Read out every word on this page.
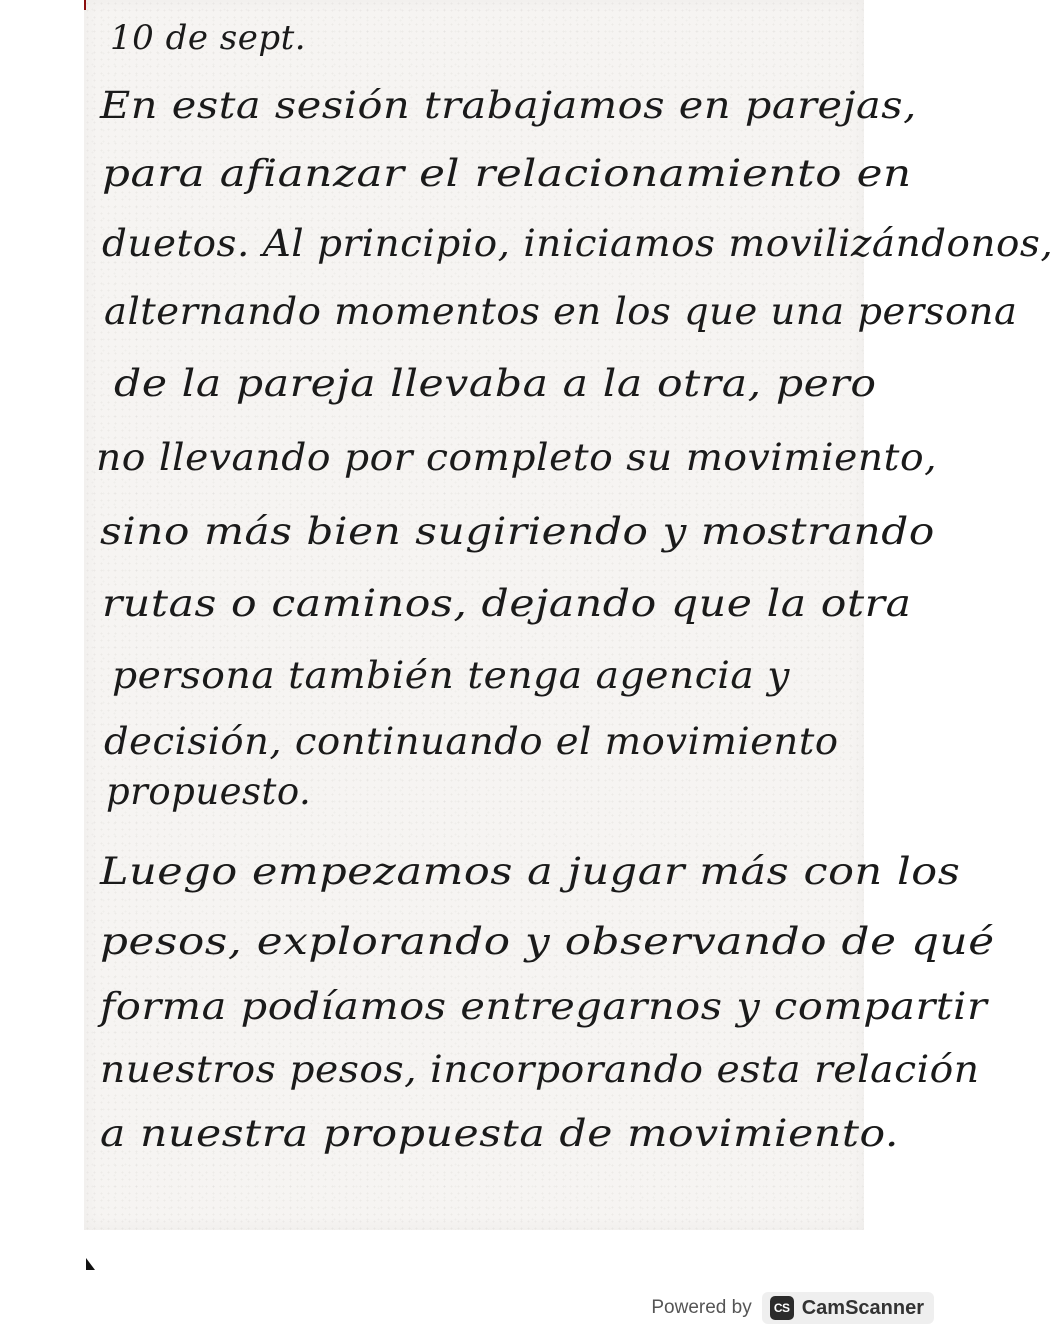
10 de sept.
En esta sesión trabajamos en parejas,
para afianzar el relacionamiento en
duetos. Al principio, iniciamos movilizándonos,
alternando momentos en los que una persona
de la pareja llevaba a la otra, pero
no llevando por completo su movimiento,
sino más bien sugiriendo y mostrando
rutas o caminos, dejando que la otra
persona también tenga agencia y
decisión, continuando el movimiento
propuesto.
Luego empezamos a jugar más con los
pesos, explorando y observando de qué
forma podíamos entregarnos y compartir
nuestros pesos, incorporando esta relación
a nuestra propuesta de movimiento.
Powered by	CS CamScanner
